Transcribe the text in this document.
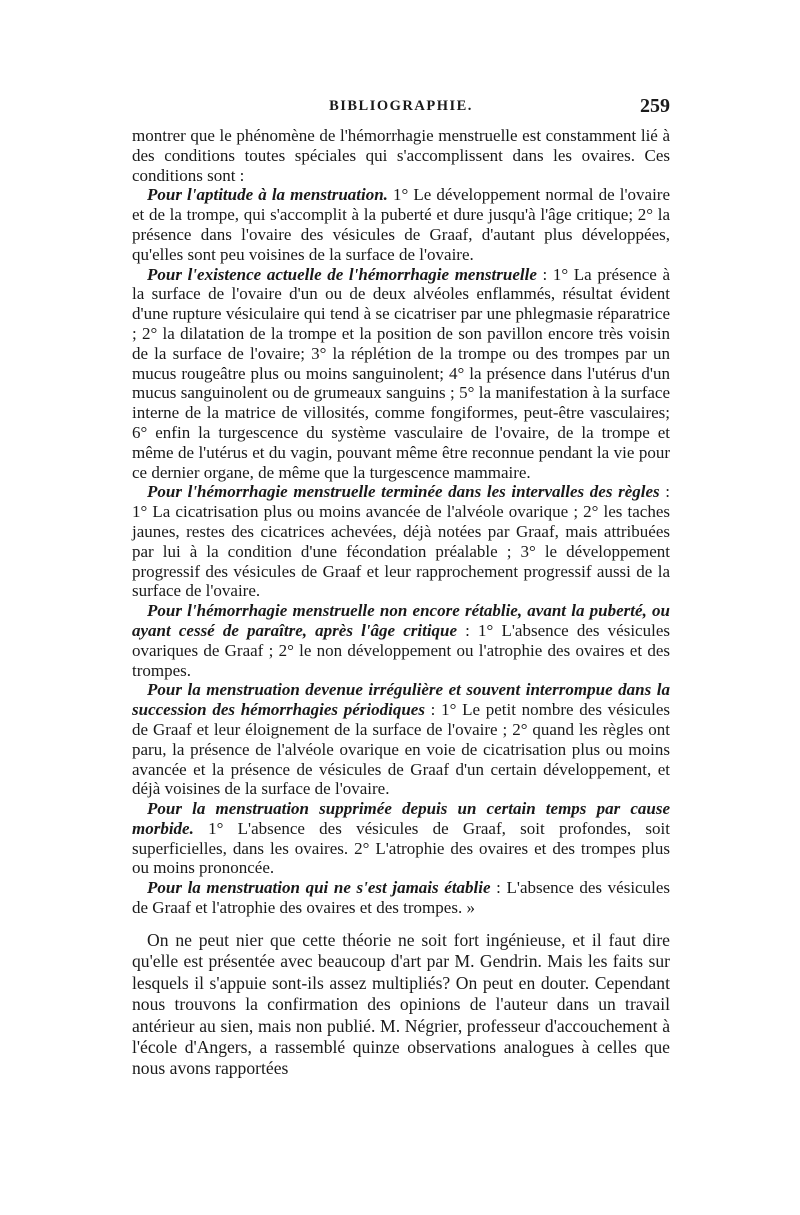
BIBLIOGRAPHIE.	259

montrer que le phénomène de l'hémorrhagie menstruelle est constamment lié à des conditions toutes spéciales qui s'accomplissent dans les ovaires. Ces conditions sont :

Pour l'aptitude à la menstruation. 1° Le développement normal de l'ovaire et de la trompe, qui s'accomplit à la puberté et dure jusqu'à l'âge critique; 2° la présence dans l'ovaire des vésicules de Graaf, d'autant plus développées, qu'elles sont peu voisines de la surface de l'ovaire.

Pour l'existence actuelle de l'hémorrhagie menstruelle : 1° La présence à la surface de l'ovaire d'un ou de deux alvéoles enflammés, résultat évident d'une rupture vésiculaire qui tend à se cicatriser par une phlegmasie réparatrice ; 2° la dilatation de la trompe et la position de son pavillon encore très voisin de la surface de l'ovaire; 3° la réplétion de la trompe ou des trompes par un mucus rougeâtre plus ou moins sanguinolent; 4° la présence dans l'utérus d'un mucus sanguinolent ou de grumeaux sanguins ; 5° la manifestation à la surface interne de la matrice de villosités, comme fongiformes, peut-être vasculaires; 6° enfin la turgescence du système vasculaire de l'ovaire, de la trompe et même de l'utérus et du vagin, pouvant même être reconnue pendant la vie pour ce dernier organe, de même que la turgescence mammaire.

Pour l'hémorrhagie menstruelle terminée dans les intervalles des règles : 1° La cicatrisation plus ou moins avancée de l'alvéole ovarique ; 2° les taches jaunes, restes des cicatrices achevées, déjà notées par Graaf, mais attribuées par lui à la condition d'une fécondation préalable ; 3° le développement progressif des vésicules de Graaf et leur rapprochement progressif aussi de la surface de l'ovaire.

Pour l'hémorrhagie menstruelle non encore rétablie, avant la puberté, ou ayant cessé de paraître, après l'âge critique : 1° L'absence des vésicules ovariques de Graaf ; 2° le non développement ou l'atrophie des ovaires et des trompes.

Pour la menstruation devenue irrégulière et souvent interrompue dans la succession des hémorrhagies périodiques : 1° Le petit nombre des vésicules de Graaf et leur éloignement de la surface de l'ovaire ; 2° quand les règles ont paru, la présence de l'alvéole ovarique en voie de cicatrisation plus ou moins avancée et la présence de vésicules de Graaf d'un certain développement, et déjà voisines de la surface de l'ovaire.

Pour la menstruation supprimée depuis un certain temps par cause morbide. 1° L'absence des vésicules de Graaf, soit profondes, soit superficielles, dans les ovaires. 2° L'atrophie des ovaires et des trompes plus ou moins prononcée.

Pour la menstruation qui ne s'est jamais établie : L'absence des vésicules de Graaf et l'atrophie des ovaires et des trompes. »

On ne peut nier que cette théorie ne soit fort ingénieuse, et il faut dire qu'elle est présentée avec beaucoup d'art par M. Gendrin. Mais les faits sur lesquels il s'appuie sont-ils assez multipliés? On peut en douter. Cependant nous trouvons la confirmation des opinions de l'auteur dans un travail antérieur au sien, mais non publié. M. Négrier, professeur d'accouchement à l'école d'Angers, a rassemblé quinze observations analogues à celles que nous avons rapportées
